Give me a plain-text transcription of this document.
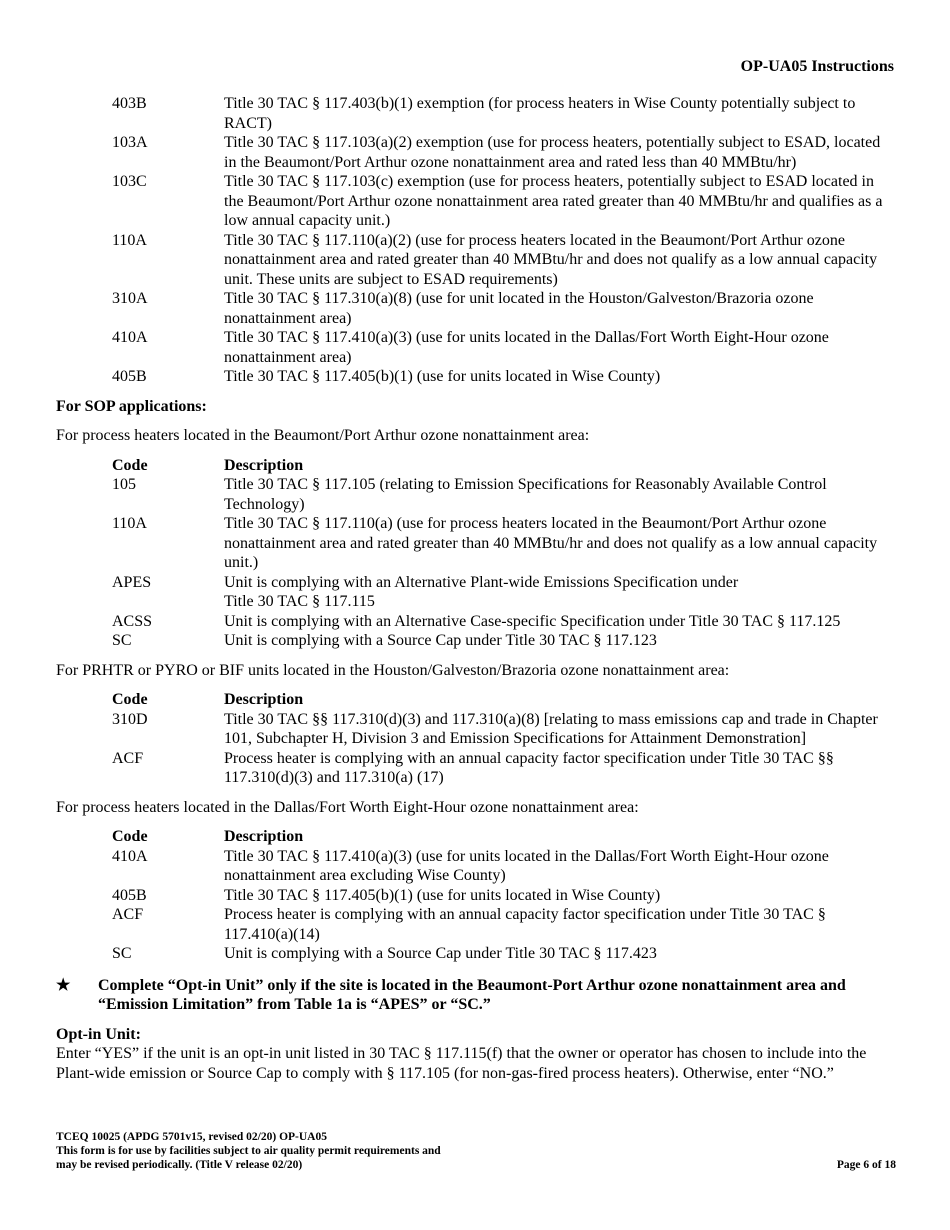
OP-UA05 Instructions
403B	Title 30 TAC § 117.403(b)(1) exemption (for process heaters in Wise County potentially subject to RACT)
103A	Title 30 TAC § 117.103(a)(2) exemption (use for process heaters, potentially subject to ESAD, located in the Beaumont/Port Arthur ozone nonattainment area and rated less than 40 MMBtu/hr)
103C	Title 30 TAC § 117.103(c) exemption (use for process heaters, potentially subject to ESAD located in the Beaumont/Port Arthur ozone nonattainment area rated greater than 40 MMBtu/hr and qualifies as a low annual capacity unit.)
110A	Title 30 TAC § 117.110(a)(2) (use for process heaters located in the Beaumont/Port Arthur ozone nonattainment area and rated greater than 40 MMBtu/hr and does not qualify as a low annual capacity unit. These units are subject to ESAD requirements)
310A	Title 30 TAC § 117.310(a)(8) (use for unit located in the Houston/Galveston/Brazoria ozone nonattainment area)
410A	Title 30 TAC § 117.410(a)(3) (use for units located in the Dallas/Fort Worth Eight-Hour ozone nonattainment area)
405B	Title 30 TAC § 117.405(b)(1) (use for units located in Wise County)

For SOP applications:

For process heaters located in the Beaumont/Port Arthur ozone nonattainment area:

Code	Description
105	Title 30 TAC § 117.105 (relating to Emission Specifications for Reasonably Available Control Technology)
110A	Title 30 TAC § 117.110(a) (use for process heaters located in the Beaumont/Port Arthur ozone nonattainment area and rated greater than 40 MMBtu/hr and does not qualify as a low annual capacity unit.)
APES	Unit is complying with an Alternative Plant-wide Emissions Specification under
Title 30 TAC § 117.115
ACSS	Unit is complying with an Alternative Case-specific Specification under Title 30 TAC § 117.125
SC	Unit is complying with a Source Cap under Title 30 TAC § 117.123

For PRHTR or PYRO or BIF units located in the Houston/Galveston/Brazoria ozone nonattainment area:

Code	Description
310D	Title 30 TAC §§ 117.310(d)(3) and 117.310(a)(8) [relating to mass emissions cap and trade in Chapter 101, Subchapter H, Division 3 and Emission Specifications for Attainment Demonstration]
ACF	Process heater is complying with an annual capacity factor specification under Title 30 TAC §§ 117.310(d)(3) and 117.310(a) (17)

For process heaters located in the Dallas/Fort Worth Eight-Hour ozone nonattainment area:

Code	Description
410A	Title 30 TAC § 117.410(a)(3) (use for units located in the Dallas/Fort Worth Eight-Hour ozone nonattainment area excluding Wise County)
405B	Title 30 TAC § 117.405(b)(1) (use for units located in Wise County)
ACF	Process heater is complying with an annual capacity factor specification under Title 30 TAC § 117.410(a)(14)
SC	Unit is complying with a Source Cap under Title 30 TAC § 117.423
★	Complete “Opt-in Unit” only if the site is located in the Beaumont-Port Arthur ozone nonattainment area and “Emission Limitation” from Table 1a is “APES” or “SC.”

Opt-in Unit:

Enter “YES” if the unit is an opt-in unit listed in 30 TAC § 117.115(f) that the owner or operator has chosen to include into the Plant-wide emission or Source Cap to comply with § 117.105 (for non-gas-fired process heaters). Otherwise, enter “NO.”

TCEQ 10025 (APDG 5701v15, revised 02/20) OP-UA05
This form is for use by facilities subject to air quality permit requirements and
may be revised periodically. (Title V release 02/20)	Page 6 of 18
